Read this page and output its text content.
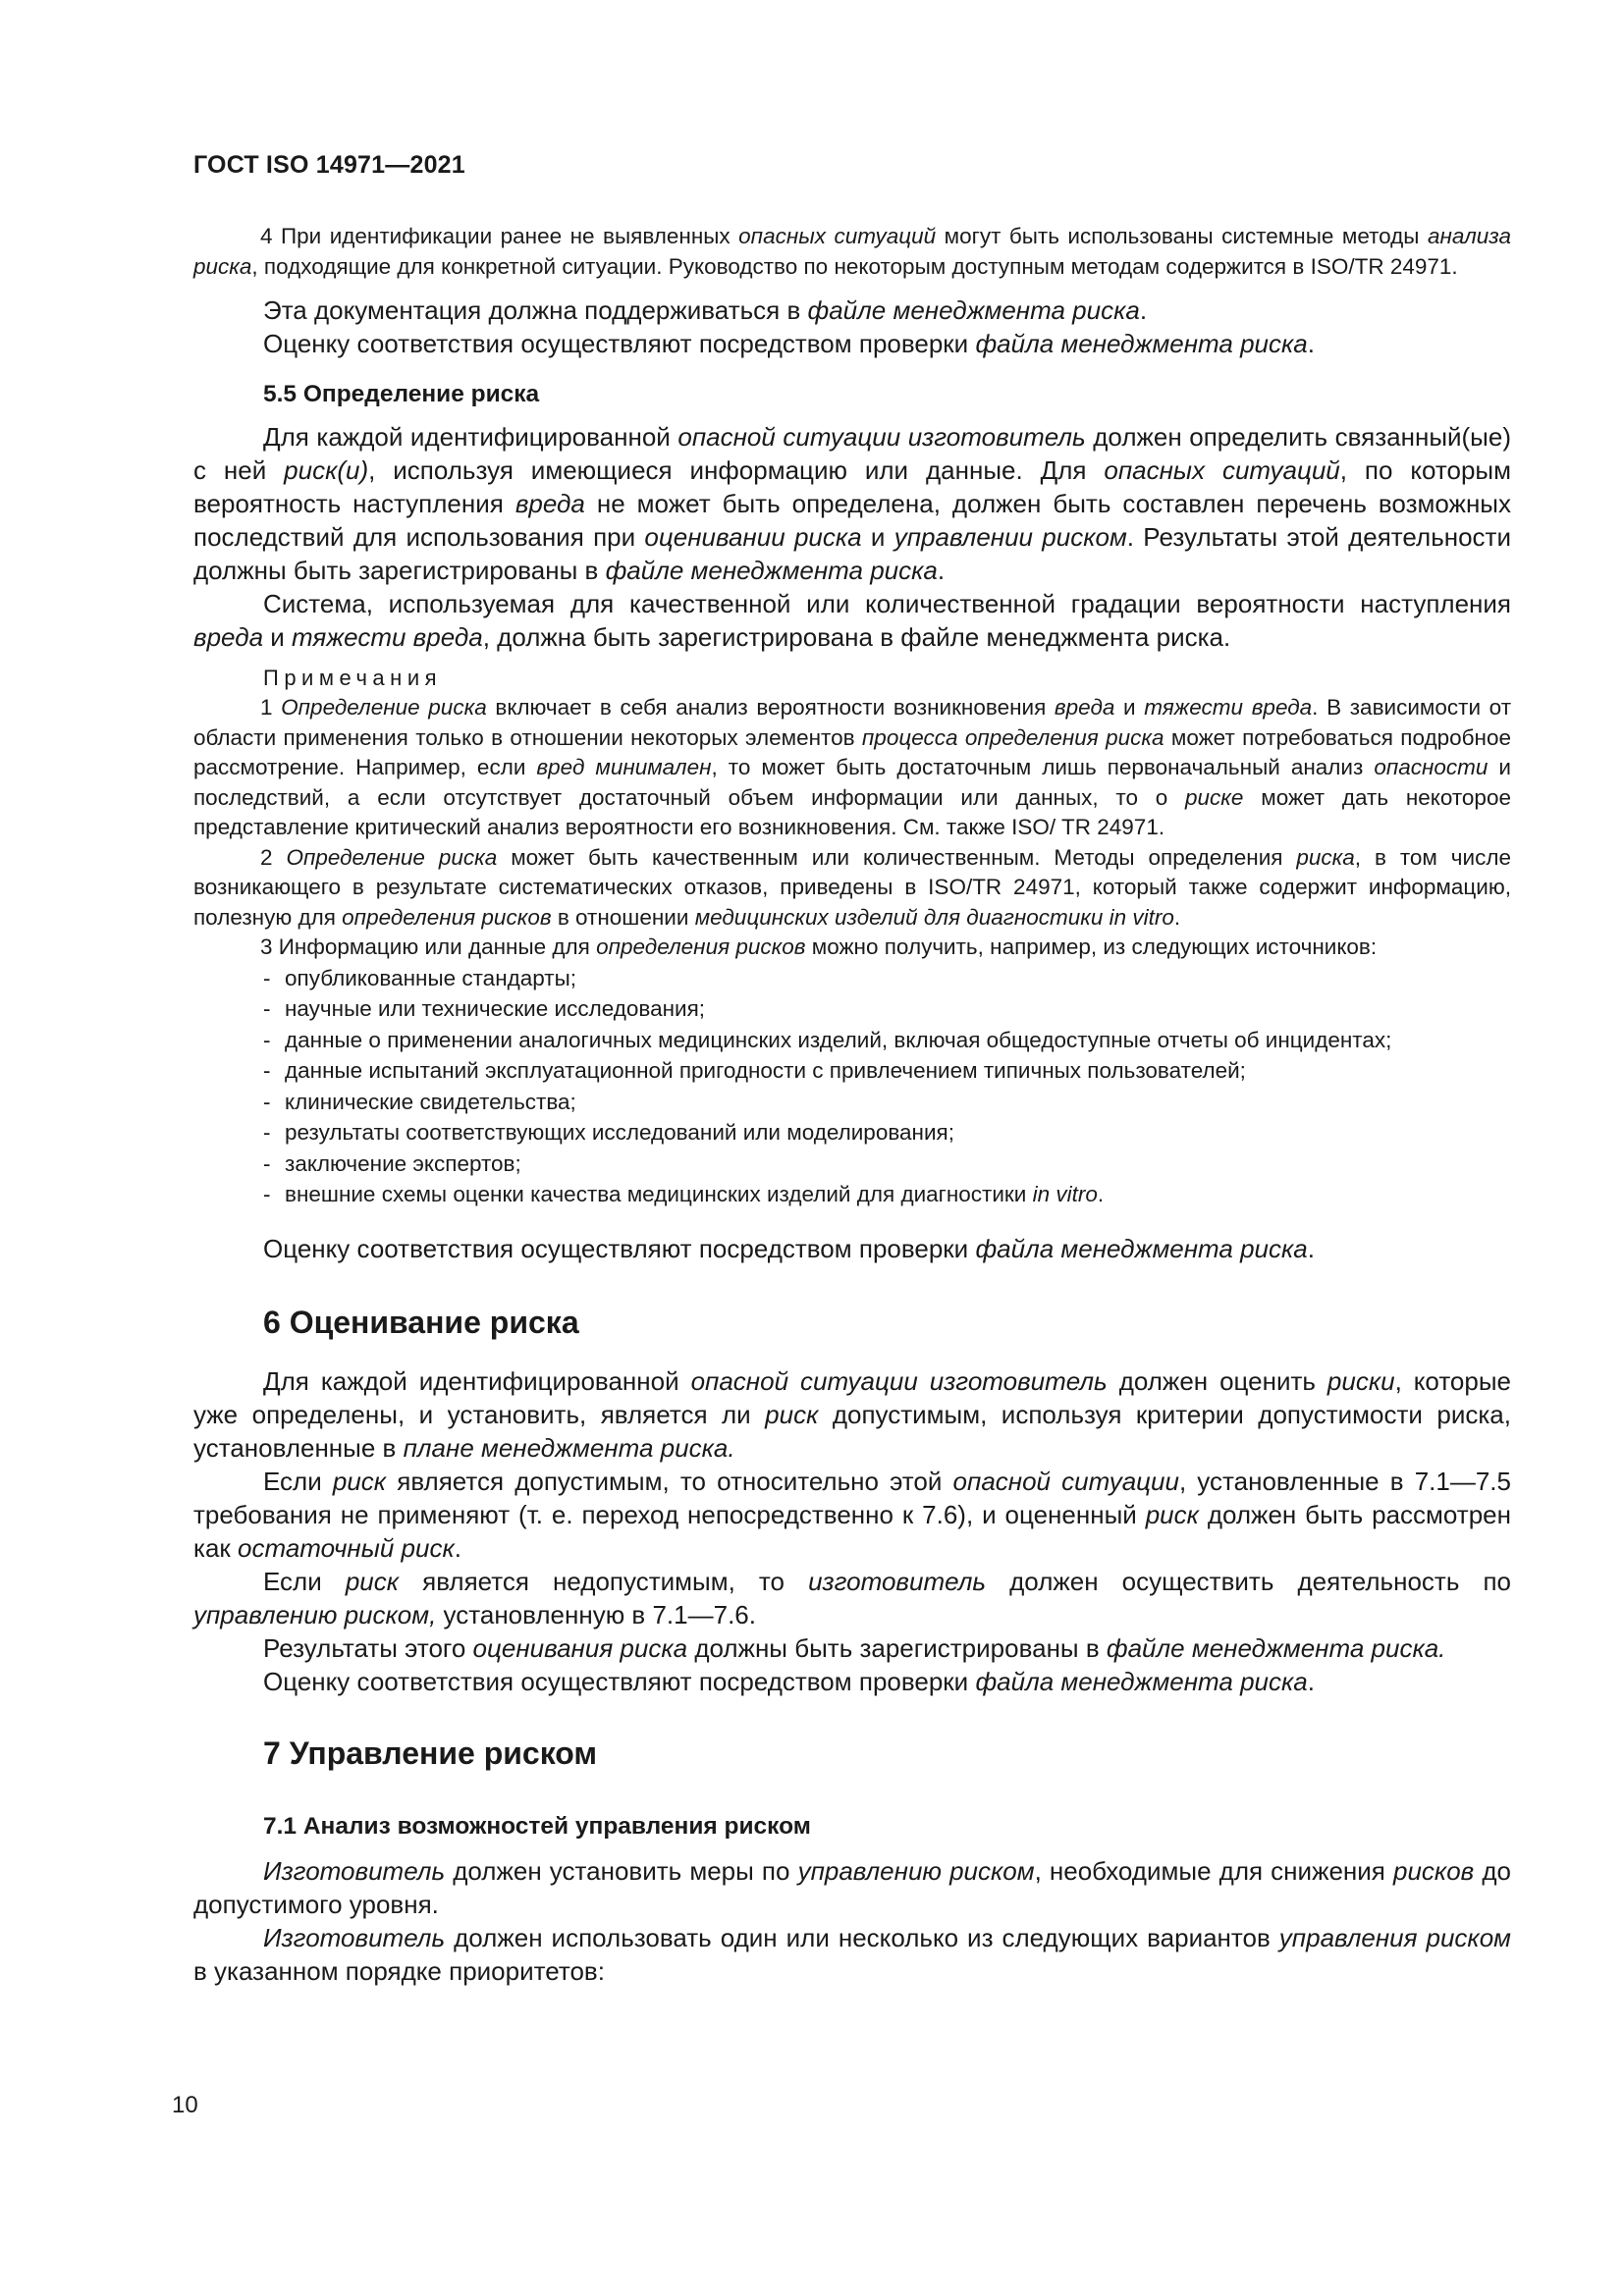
ГОСТ ISO 14971—2021

4 При идентификации ранее не выявленных опасных ситуаций могут быть использованы системные методы анализа риска, подходящие для конкретной ситуации. Руководство по некоторым доступным методам содержится в ISO/TR 24971.

Эта документация должна поддерживаться в файле менеджмента риска.

Оценку соответствия осуществляют посредством проверки файла менеджмента риска.

5.5 Определение риска

Для каждой идентифицированной опасной ситуации изготовитель должен определить связанный(ые) с ней риск(и), используя имеющиеся информацию или данные. Для опасных ситуаций, по которым вероятность наступления вреда не может быть определена, должен быть составлен перечень возможных последствий для использования при оценивании риска и управлении риском. Результаты этой деятельности должны быть зарегистрированы в файле менеджмента риска.

Система, используемая для качественной или количественной градации вероятности наступления вреда и тяжести вреда, должна быть зарегистрирована в файле менеджмента риска.

Примечания

1 Определение риска включает в себя анализ вероятности возникновения вреда и тяжести вреда. В зависимости от области применения только в отношении некоторых элементов процесса определения риска может потребоваться подробное рассмотрение. Например, если вред минимален, то может быть достаточным лишь первоначальный анализ опасности и последствий, а если отсутствует достаточный объем информации или данных, то о риске может дать некоторое представление критический анализ вероятности его возникновения. См. также ISO/ TR 24971.

2 Определение риска может быть качественным или количественным. Методы определения риска, в том числе возникающего в результате систематических отказов, приведены в ISO/TR 24971, который также содержит информацию, полезную для определения рисков в отношении медицинских изделий для диагностики in vitro.

3 Информацию или данные для определения рисков можно получить, например, из следующих источников:

- опубликованные стандарты;
- научные или технические исследования;
- данные о применении аналогичных медицинских изделий, включая общедоступные отчеты об инцидентах;
- данные испытаний эксплуатационной пригодности с привлечением типичных пользователей;
- клинические свидетельства;
- результаты соответствующих исследований или моделирования;
- заключение экспертов;
- внешние схемы оценки качества медицинских изделий для диагностики in vitro.

Оценку соответствия осуществляют посредством проверки файла менеджмента риска.

6 Оценивание риска

Для каждой идентифицированной опасной ситуации изготовитель должен оценить риски, которые уже определены, и установить, является ли риск допустимым, используя критерии допустимости риска, установленные в плане менеджмента риска.

Если риск является допустимым, то относительно этой опасной ситуации, установленные в 7.1—7.5 требования не применяют (т. е. переход непосредственно к 7.6), и оцененный риск должен быть рассмотрен как остаточный риск.

Если риск является недопустимым, то изготовитель должен осуществить деятельность по управлению риском, установленную в 7.1—7.6.

Результаты этого оценивания риска должны быть зарегистрированы в файле менеджмента риска.

Оценку соответствия осуществляют посредством проверки файла менеджмента риска.

7 Управление риском
7.1 Анализ возможностей управления риском

Изготовитель должен установить меры по управлению риском, необходимые для снижения рисков до допустимого уровня.

Изготовитель должен использовать один или несколько из следующих вариантов управления риском в указанном порядке приоритетов:

10
